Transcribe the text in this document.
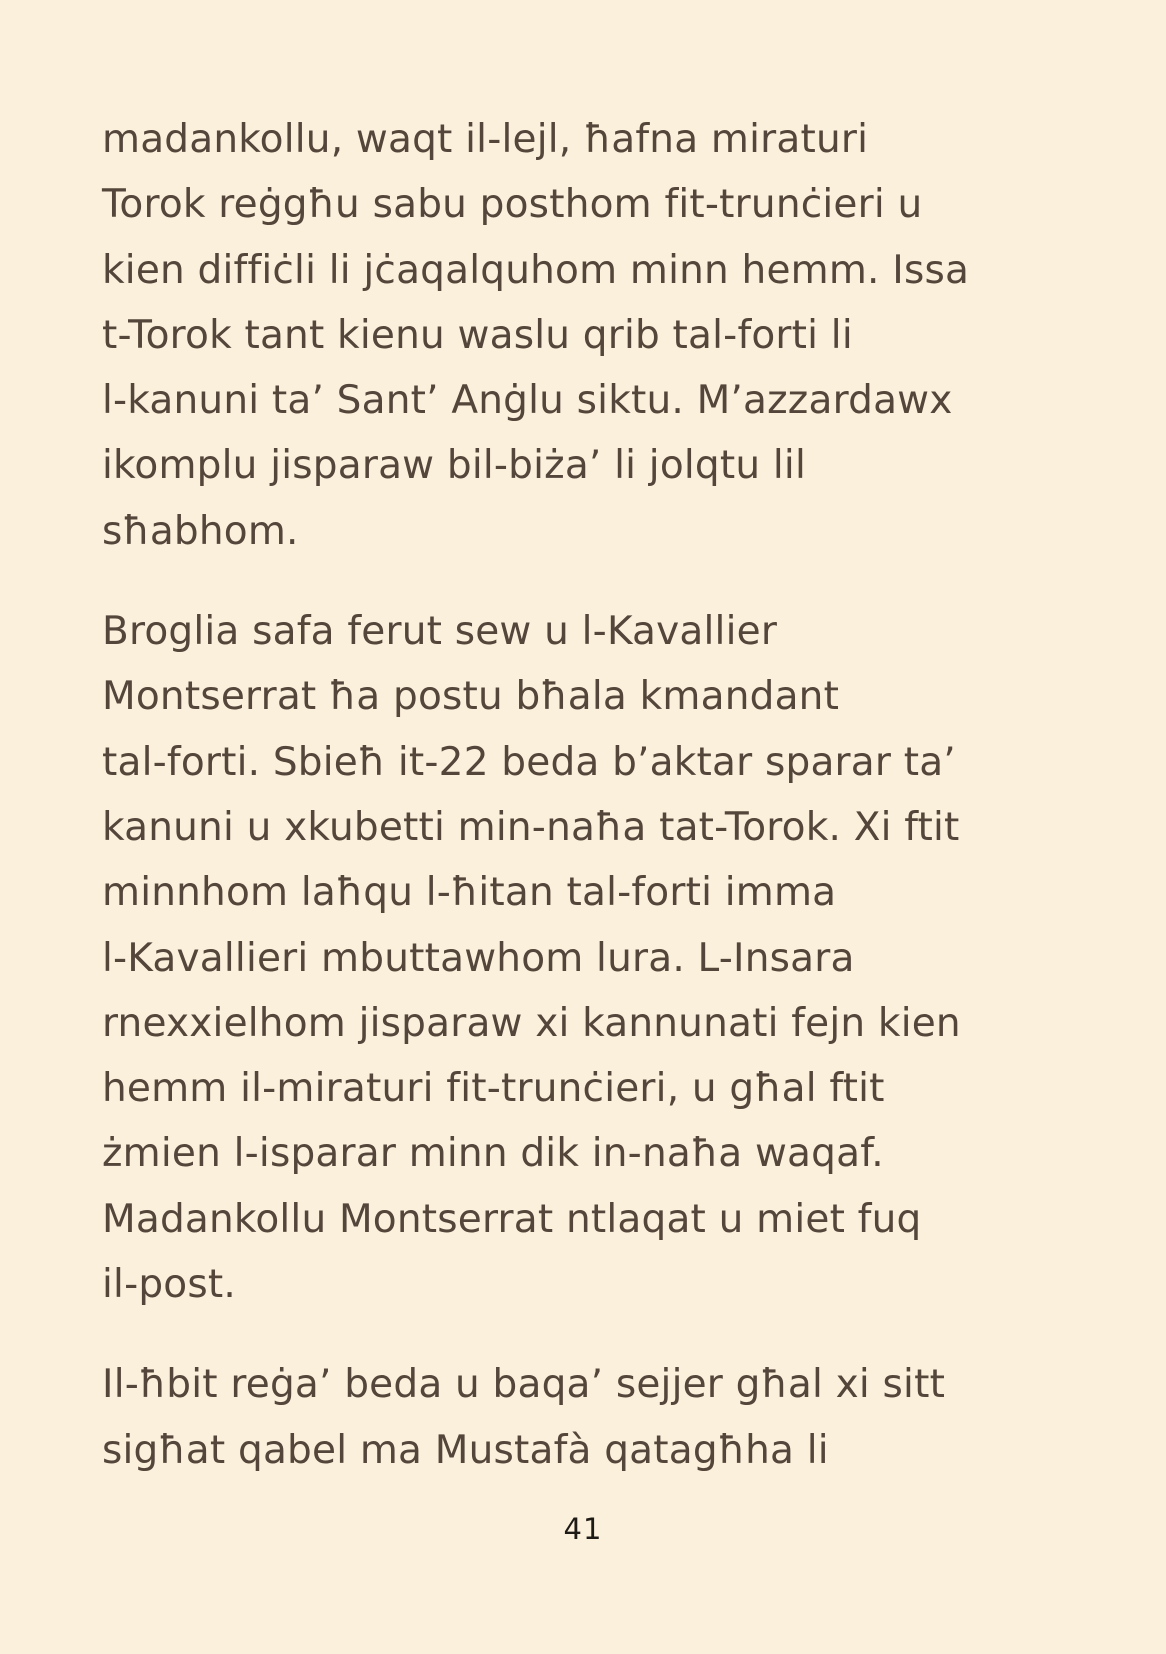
madankollu, waqt il-lejl, ħafna miraturi
Torok reġgħu sabu posthom fit-trunċieri u
kien diffiċli li jċaqalquhom minn hemm. Issa
t-Torok tant kienu waslu qrib tal-forti li
l-kanuni ta’ Sant’ Anġlu siktu. M’azzardawx
ikomplu jisparaw bil-biża’ li jolqtu lil
sħabhom.
Broglia safa ferut sew u l-Kavallier
Montserrat ħa postu bħala kmandant
tal-forti. Sbieħ it-22 beda b’aktar sparar ta’
kanuni u xkubetti min-naħa tat-Torok. Xi ftit
minnhom laħqu l-ħitan tal-forti imma
l-Kavallieri mbuttawhom lura. L-Insara
rnexxielhom jisparaw xi kannunati fejn kien
hemm il-miraturi fit-trunċieri, u għal ftit
żmien l-isparar minn dik in-naħa waqaf.
Madankollu Montserrat ntlaqat u miet fuq
il-post.
Il-ħbit reġa’ beda u baqa’ sejjer għal xi sitt
sigħat qabel ma Mustafà qatagħha li
41
